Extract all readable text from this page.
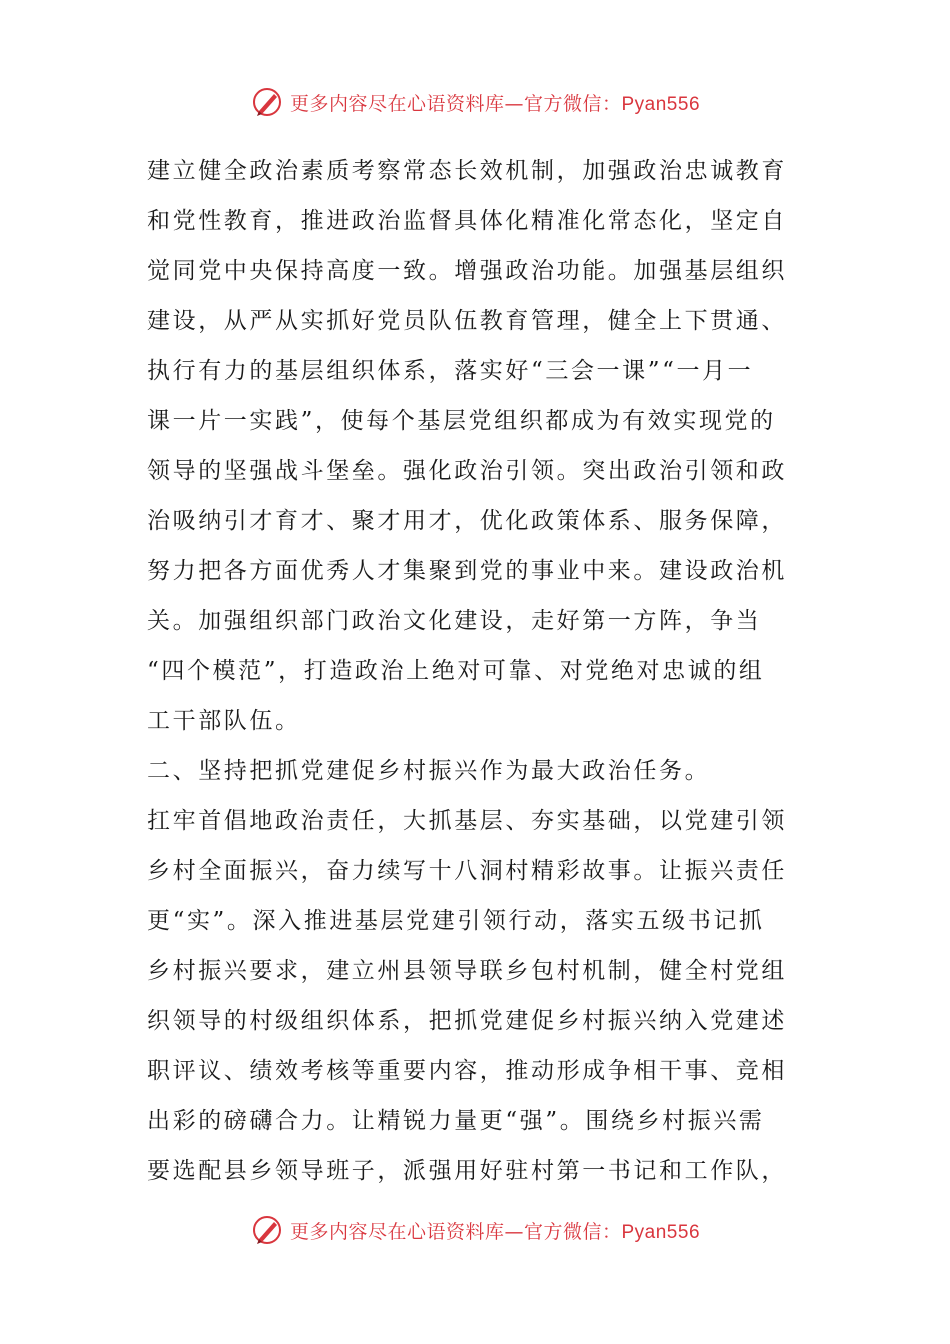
更多内容尽在心语资料库—官方微信：Pyan556
建立健全政治素质考察常态长效机制，加强政治忠诚教育
和党性教育，推进政治监督具体化精准化常态化，坚定自
觉同党中央保持高度一致。增强政治功能。加强基层组织
建设，从严从实抓好党员队伍教育管理，健全上下贯通、
执行有力的基层组织体系，落实好“三会一课”“一月一
课一片一实践”，使每个基层党组织都成为有效实现党的
领导的坚强战斗堡垒。强化政治引领。突出政治引领和政
治吸纳引才育才、聚才用才，优化政策体系、服务保障，
努力把各方面优秀人才集聚到党的事业中来。建设政治机
关。加强组织部门政治文化建设，走好第一方阵，争当
“四个模范”，打造政治上绝对可靠、对党绝对忠诚的组
工干部队伍。
二、坚持把抓党建促乡村振兴作为最大政治任务。
扛牢首倡地政治责任，大抓基层、夯实基础，以党建引领
乡村全面振兴，奋力续写十八洞村精彩故事。让振兴责任
更“实”。深入推进基层党建引领行动，落实五级书记抓
乡村振兴要求，建立州县领导联乡包村机制，健全村党组
织领导的村级组织体系，把抓党建促乡村振兴纳入党建述
职评议、绩效考核等重要内容，推动形成争相干事、竞相
出彩的磅礴合力。让精锐力量更“强”。围绕乡村振兴需
要选配县乡领导班子，派强用好驻村第一书记和工作队，
更多内容尽在心语资料库—官方微信：Pyan556
